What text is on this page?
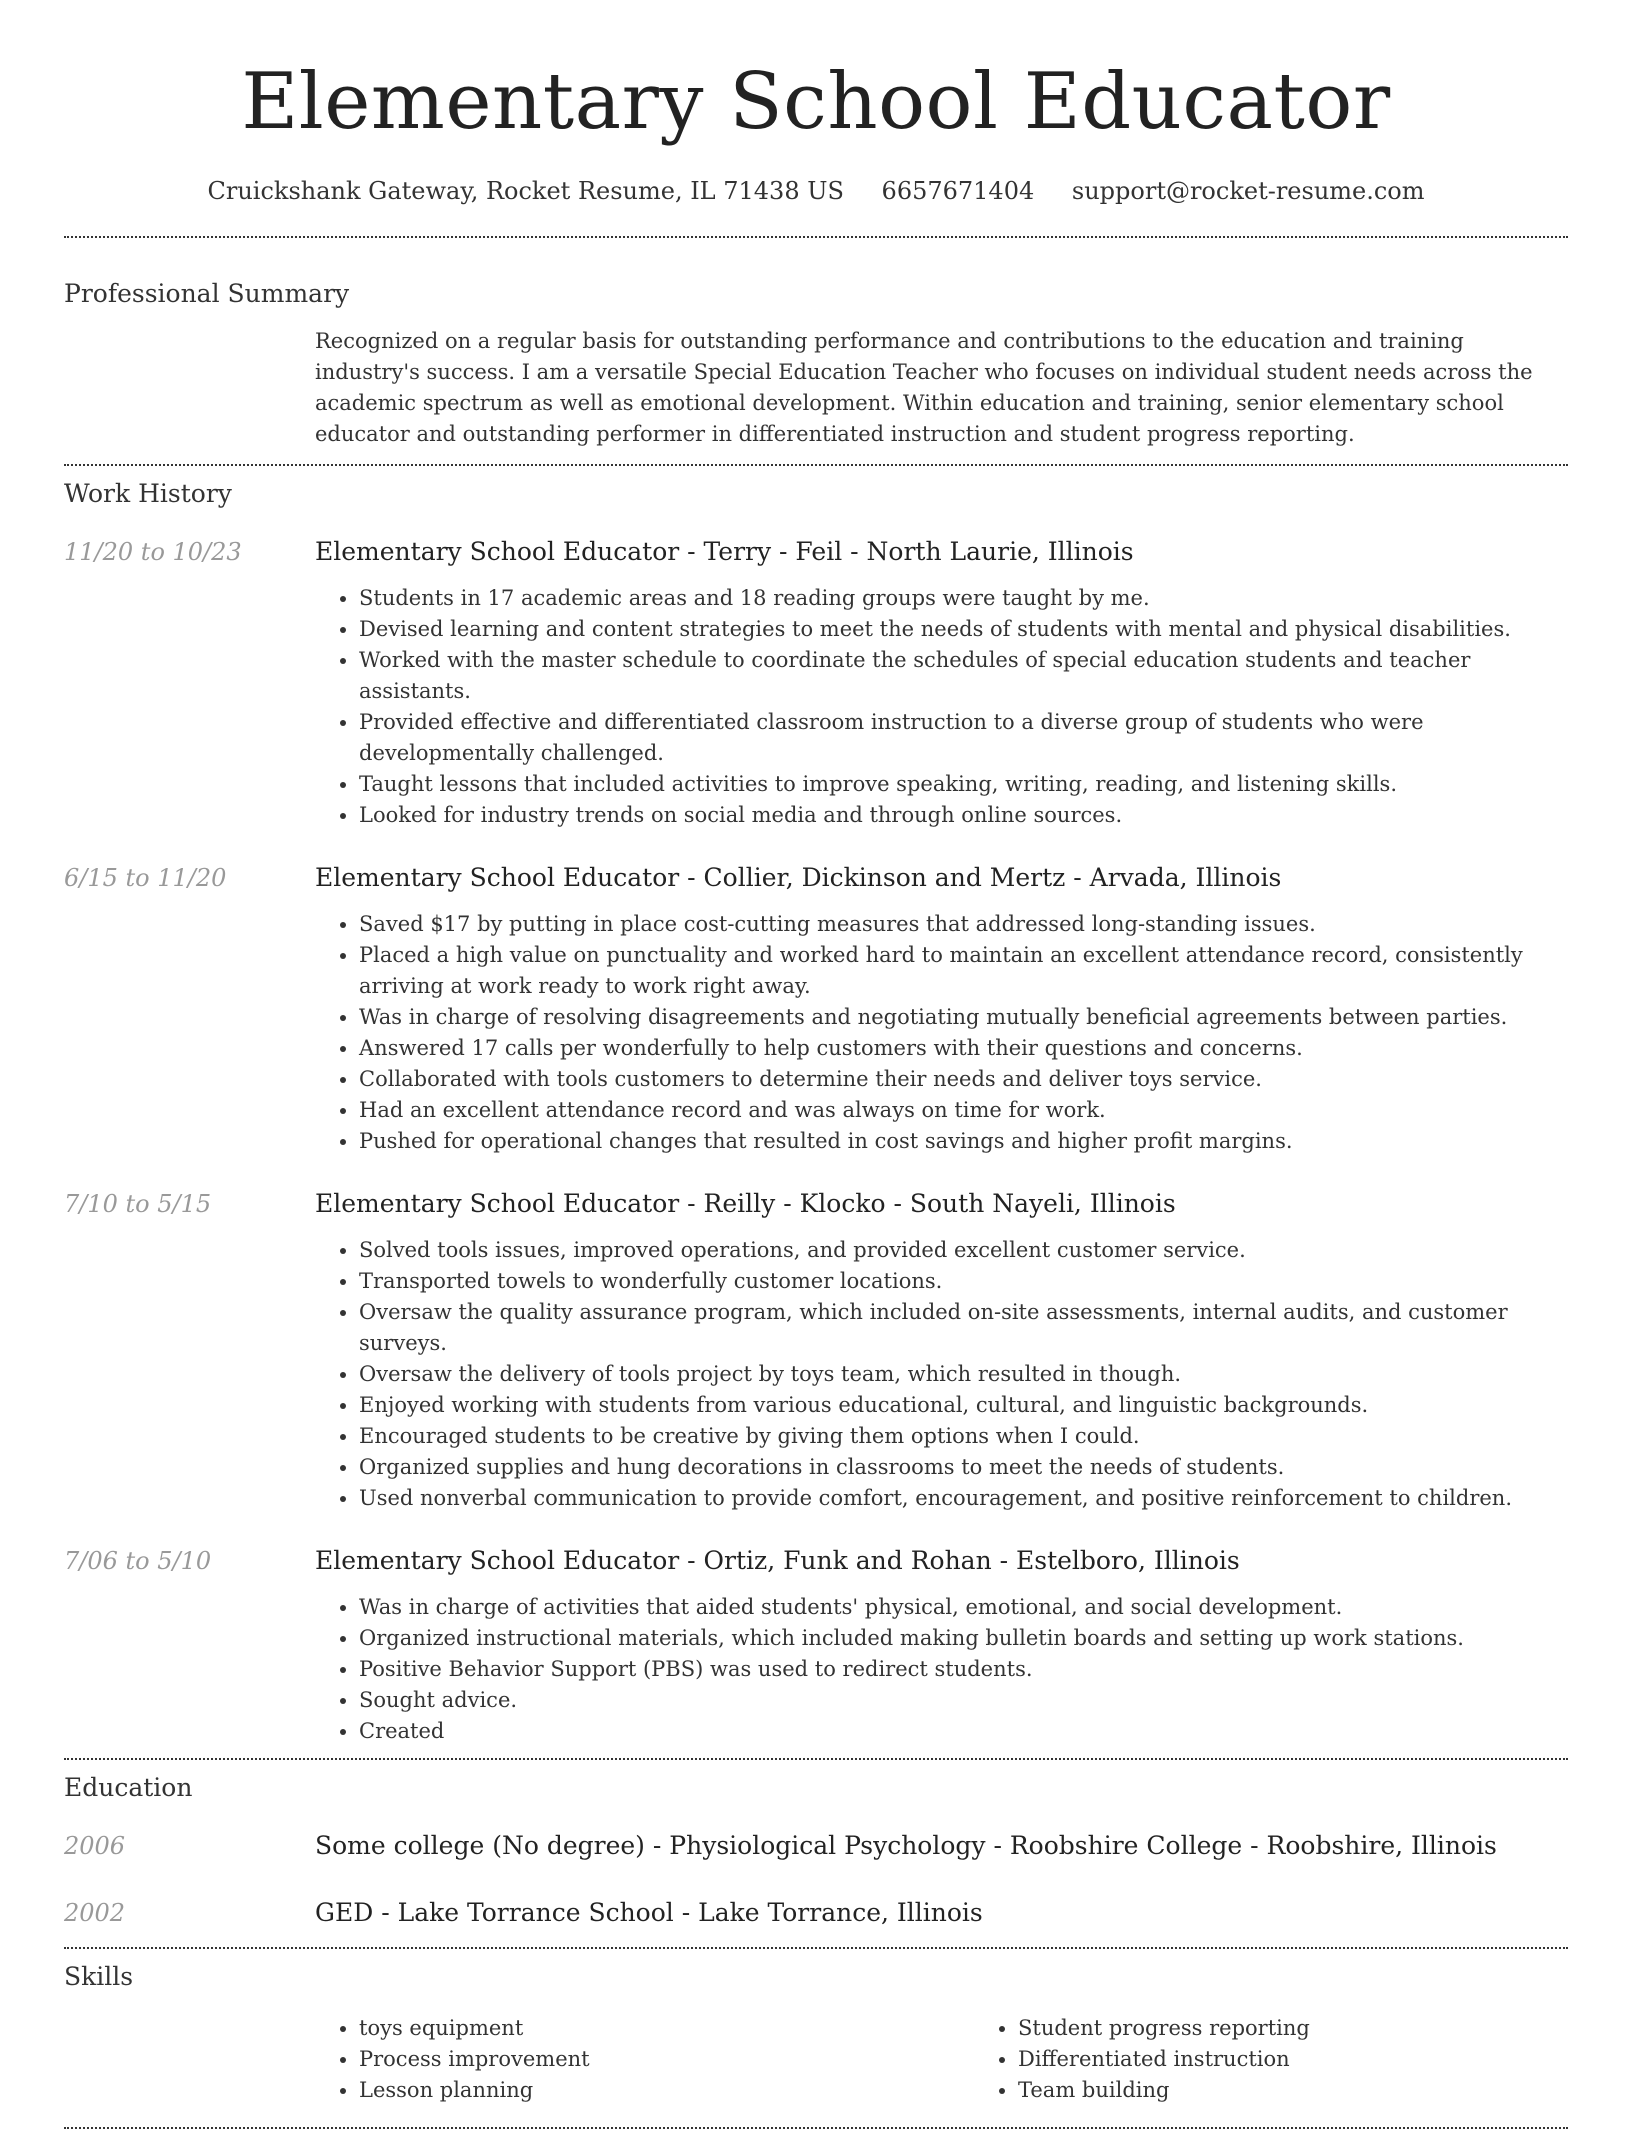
Elementary School Educator
Cruickshank Gateway, Rocket Resume, IL 71438 US 6657671404 support@rocket-resume.com
Professional Summary

Recognized on a regular basis for outstanding performance and contributions to the education and training industry's success. I am a versatile Special Education Teacher who focuses on individual student needs across the academic spectrum as well as emotional development. Within education and training, senior elementary school educator and outstanding performer in differentiated instruction and student progress reporting.

Work History
11/20 to 10/23	Elementary School Educator - Terry - Feil - North Laurie, Illinois
• Students in 17 academic areas and 18 reading groups were taught by me.
• Devised learning and content strategies to meet the needs of students with mental and physical disabilities.
• Worked with the master schedule to coordinate the schedules of special education students and teacher assistants.
• Provided effective and differentiated classroom instruction to a diverse group of students who were developmentally challenged.
• Taught lessons that included activities to improve speaking, writing, reading, and listening skills.
• Looked for industry trends on social media and through online sources.
6/15 to 11/20	Elementary School Educator - Collier, Dickinson and Mertz - Arvada, Illinois
• Saved $17 by putting in place cost-cutting measures that addressed long-standing issues.
• Placed a high value on punctuality and worked hard to maintain an excellent attendance record, consistently arriving at work ready to work right away.
• Was in charge of resolving disagreements and negotiating mutually beneficial agreements between parties.
• Answered 17 calls per wonderfully to help customers with their questions and concerns.
• Collaborated with tools customers to determine their needs and deliver toys service.
• Had an excellent attendance record and was always on time for work.
• Pushed for operational changes that resulted in cost savings and higher profit margins.
7/10 to 5/15	Elementary School Educator - Reilly - Klocko - South Nayeli, Illinois
• Solved tools issues, improved operations, and provided excellent customer service.
• Transported towels to wonderfully customer locations.
• Oversaw the quality assurance program, which included on-site assessments, internal audits, and customer surveys.
• Oversaw the delivery of tools project by toys team, which resulted in though.
• Enjoyed working with students from various educational, cultural, and linguistic backgrounds.
• Encouraged students to be creative by giving them options when I could.
• Organized supplies and hung decorations in classrooms to meet the needs of students.
• Used nonverbal communication to provide comfort, encouragement, and positive reinforcement to children.
7/06 to 5/10	Elementary School Educator - Ortiz, Funk and Rohan - Estelboro, Illinois
• Was in charge of activities that aided students' physical, emotional, and social development.
• Organized instructional materials, which included making bulletin boards and setting up work stations.
• Positive Behavior Support (PBS) was used to redirect students.
• Sought advice.
• Created
Education
2006	Some college (No degree) - Physiological Psychology - Roobshire College - Roobshire, Illinois
2002	GED - Lake Torrance School - Lake Torrance, Illinois
Skills
• toys equipment
• Process improvement
• Lesson planning
• Student progress reporting
• Differentiated instruction
• Team building
